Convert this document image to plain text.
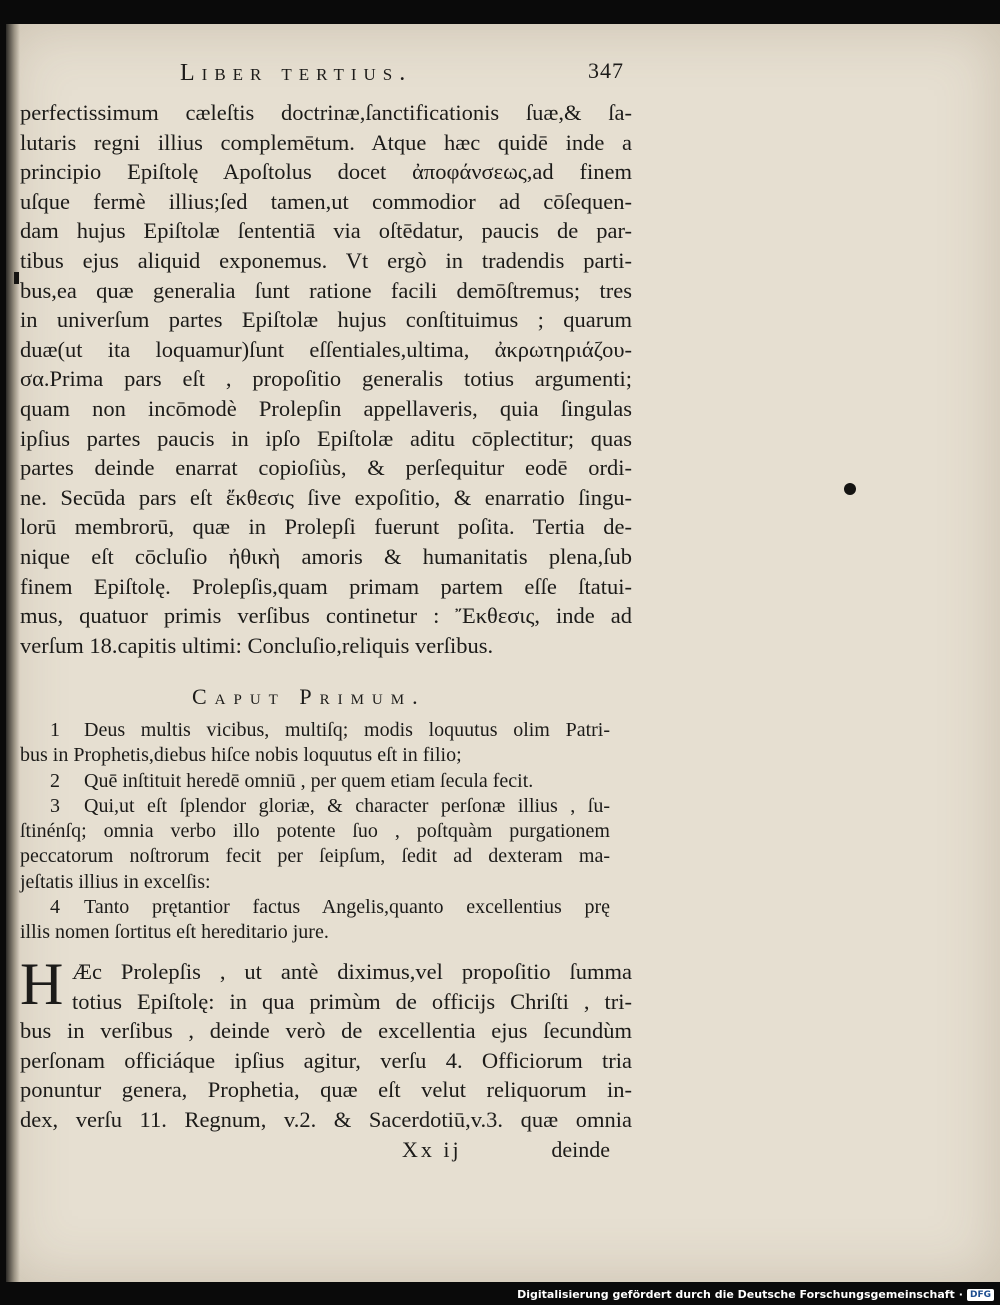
Liber tertius.	347

perfectissimum cæleſtis doctrinæ,ſanctificationis ſuæ,& ſa-

lutaris regni illius complemētum. Atque hæc quidē inde a

principio Epiſtolę Apoſtolus docet ἀποφάνσεως,ad finem

uſque fermè illius;ſed tamen,ut commodior ad cōſequen-

dam hujus Epiſtolæ ſententiā via oſtēdatur, paucis de par-

tibus ejus aliquid exponemus. Vt ergò in tradendis parti-

bus,ea quæ generalia ſunt ratione facili demōſtremus; tres

in univerſum partes Epiſtolæ hujus conſtituimus ; quarum

duæ(ut ita loquamur)ſunt eſſentiales,ultima, ἀκρωτηριάζου-

σα.Prima pars eſt , propoſitio generalis totius argumenti;

quam non incōmodè Prolepſin appellaveris, quia ſingulas

ipſius partes paucis in ipſo Epiſtolæ aditu cōplectitur; quas

partes deinde enarrat copioſiùs, & perſequitur eodē ordi-

ne. Secūda pars eſt ἔκθεσις ſive expoſitio, & enarratio ſingu-

lorū membrorū, quæ in Prolepſi fuerunt poſita. Tertia de-

nique eſt cōcluſio ἠθικὴ amoris & humanitatis plena,ſub

finem Epiſtolę. Prolepſis,quam primam partem eſſe ſtatui-

mus, quatuor primis verſibus continetur : Ἔκθεσις, inde ad

verſum 18.capitis ultimi: Concluſio,reliquis verſibus.

Caput Primum.

1 Deus multis vicibus, multiſq; modis loquutus olim Patri-

bus in Prophetis,diebus hiſce nobis loquutus eſt in filio;

2 Quē inſtituit heredē omniū , per quem etiam ſecula fecit.

3 Qui,ut eſt ſplendor gloriæ, & character perſonæ illius , ſu-

ſtinénſq; omnia verbo illo potente ſuo , poſtquàm purgationem

peccatorum noſtrorum fecit per ſeipſum, ſedit ad dexteram ma-

jeſtatis illius in excelſis:

4 Tanto prętantior factus Angelis,quanto excellentius prę

illis nomen ſortitus eſt hereditario jure.

H Æc Prolepſis , ut antè diximus,vel propoſitio ſumma

totius Epiſtolę: in qua primùm de officijs Chriſti , tri-

bus in verſibus , deinde verò de excellentia ejus ſecundùm

perſonam officiáque ipſius agitur, verſu 4. Officiorum tria

ponuntur genera, Prophetia, quæ eſt velut reliquorum in-

dex, verſu 11. Regnum, v.2. & Sacerdotiū,v.3. quæ omnia

Xx ij	deinde
Digitalisierung gefördert durch die Deutsche Forschungsgemeinschaft · DFG
